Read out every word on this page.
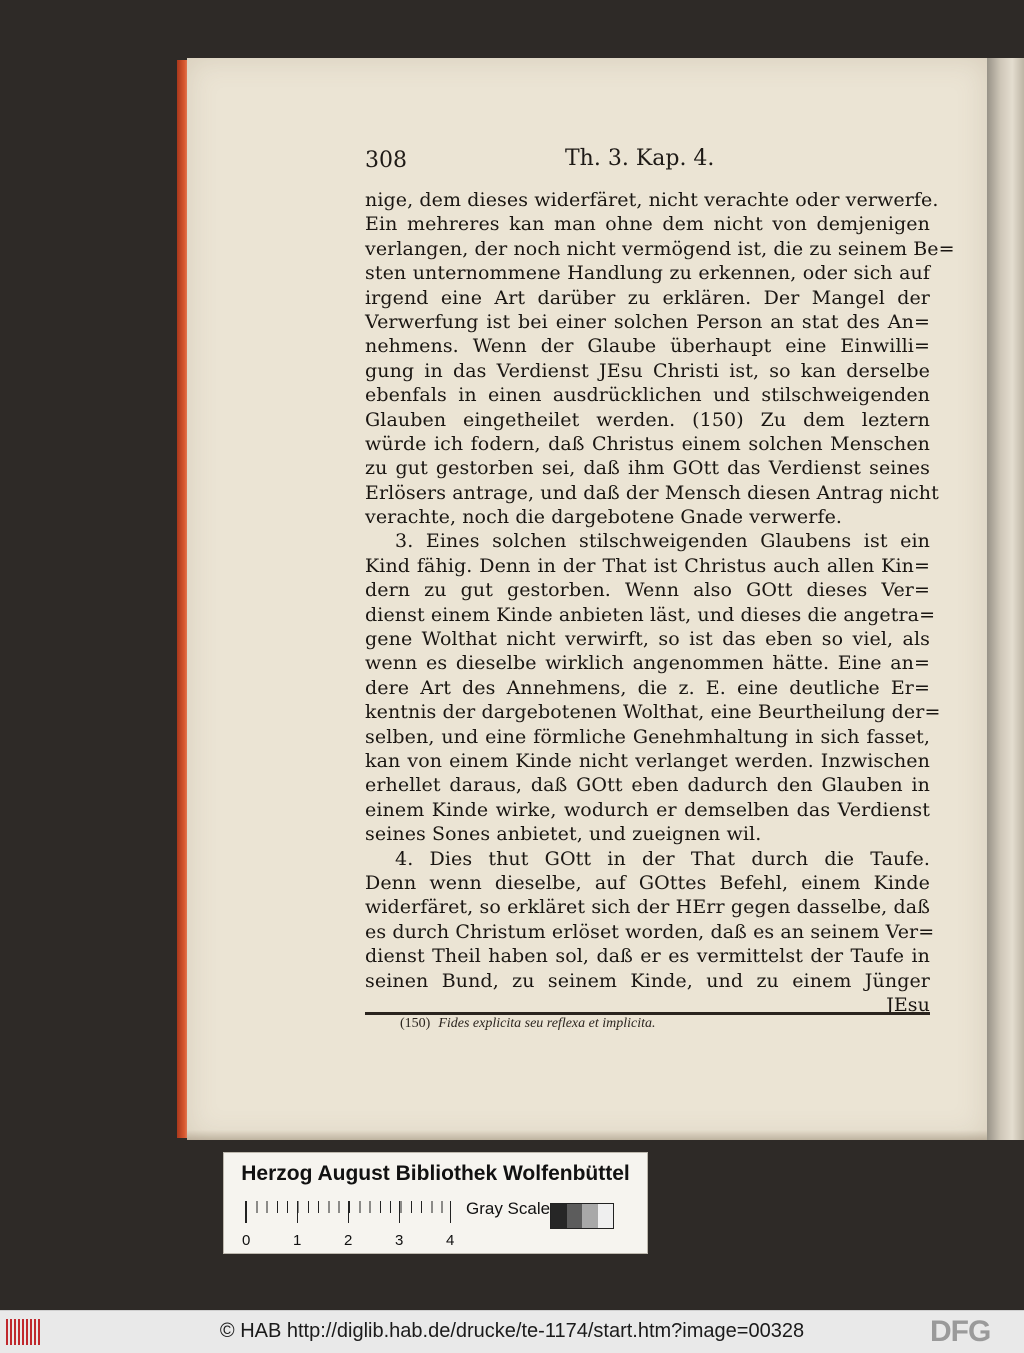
308	Th. 3. Kap. 4.
nige, dem dieses widerfäret, nicht verachte oder verwerfe.
Ein mehreres kan man ohne dem nicht von demjenigen
verlangen, der noch nicht vermögend ist, die zu seinem Be=
sten unternommene Handlung zu erkennen, oder sich auf
irgend eine Art darüber zu erklären. Der Mangel der
Verwerfung ist bei einer solchen Person an stat des An=
nehmens. Wenn der Glaube überhaupt eine Einwilli=
gung in das Verdienst JEsu Christi ist, so kan derselbe
ebenfals in einen ausdrücklichen und stilschweigenden
Glauben eingetheilet werden. (150) Zu dem leztern
würde ich fodern, daß Christus einem solchen Menschen
zu gut gestorben sei, daß ihm GOtt das Verdienst seines
Erlösers antrage, und daß der Mensch diesen Antrag nicht
verachte, noch die dargebotene Gnade verwerfe.
3. Eines solchen stilschweigenden Glaubens ist ein
Kind fähig. Denn in der That ist Christus auch allen Kin=
dern zu gut gestorben. Wenn also GOtt dieses Ver=
dienst einem Kinde anbieten läst, und dieses die angetra=
gene Wolthat nicht verwirft, so ist das eben so viel, als
wenn es dieselbe wirklich angenommen hätte. Eine an=
dere Art des Annehmens, die z. E. eine deutliche Er=
kentnis der dargebotenen Wolthat, eine Beurtheilung der=
selben, und eine förmliche Genehmhaltung in sich fasset,
kan von einem Kinde nicht verlanget werden. Inzwischen
erhellet daraus, daß GOtt eben dadurch den Glauben in
einem Kinde wirke, wodurch er demselben das Verdienst
seines Sones anbietet, und zueignen wil.
4. Dies thut GOtt in der That durch die Taufe.
Denn wenn dieselbe, auf GOttes Befehl, einem Kinde
widerfäret, so erkläret sich der HErr gegen dasselbe, daß
es durch Christum erlöset worden, daß es an seinem Ver=
dienst Theil haben sol, daß er es vermittelst der Taufe in
seinen Bund, zu seinem Kinde, und zu einem Jünger
JEsu
(150) Fides explicita seu reflexa et implicita.
Herzog August Bibliothek Wolfenbüttel
0	1	2	3	4
Gray Scale
© HAB http://diglib.hab.de/drucke/te-1174/start.htm?image=00328	DFG
